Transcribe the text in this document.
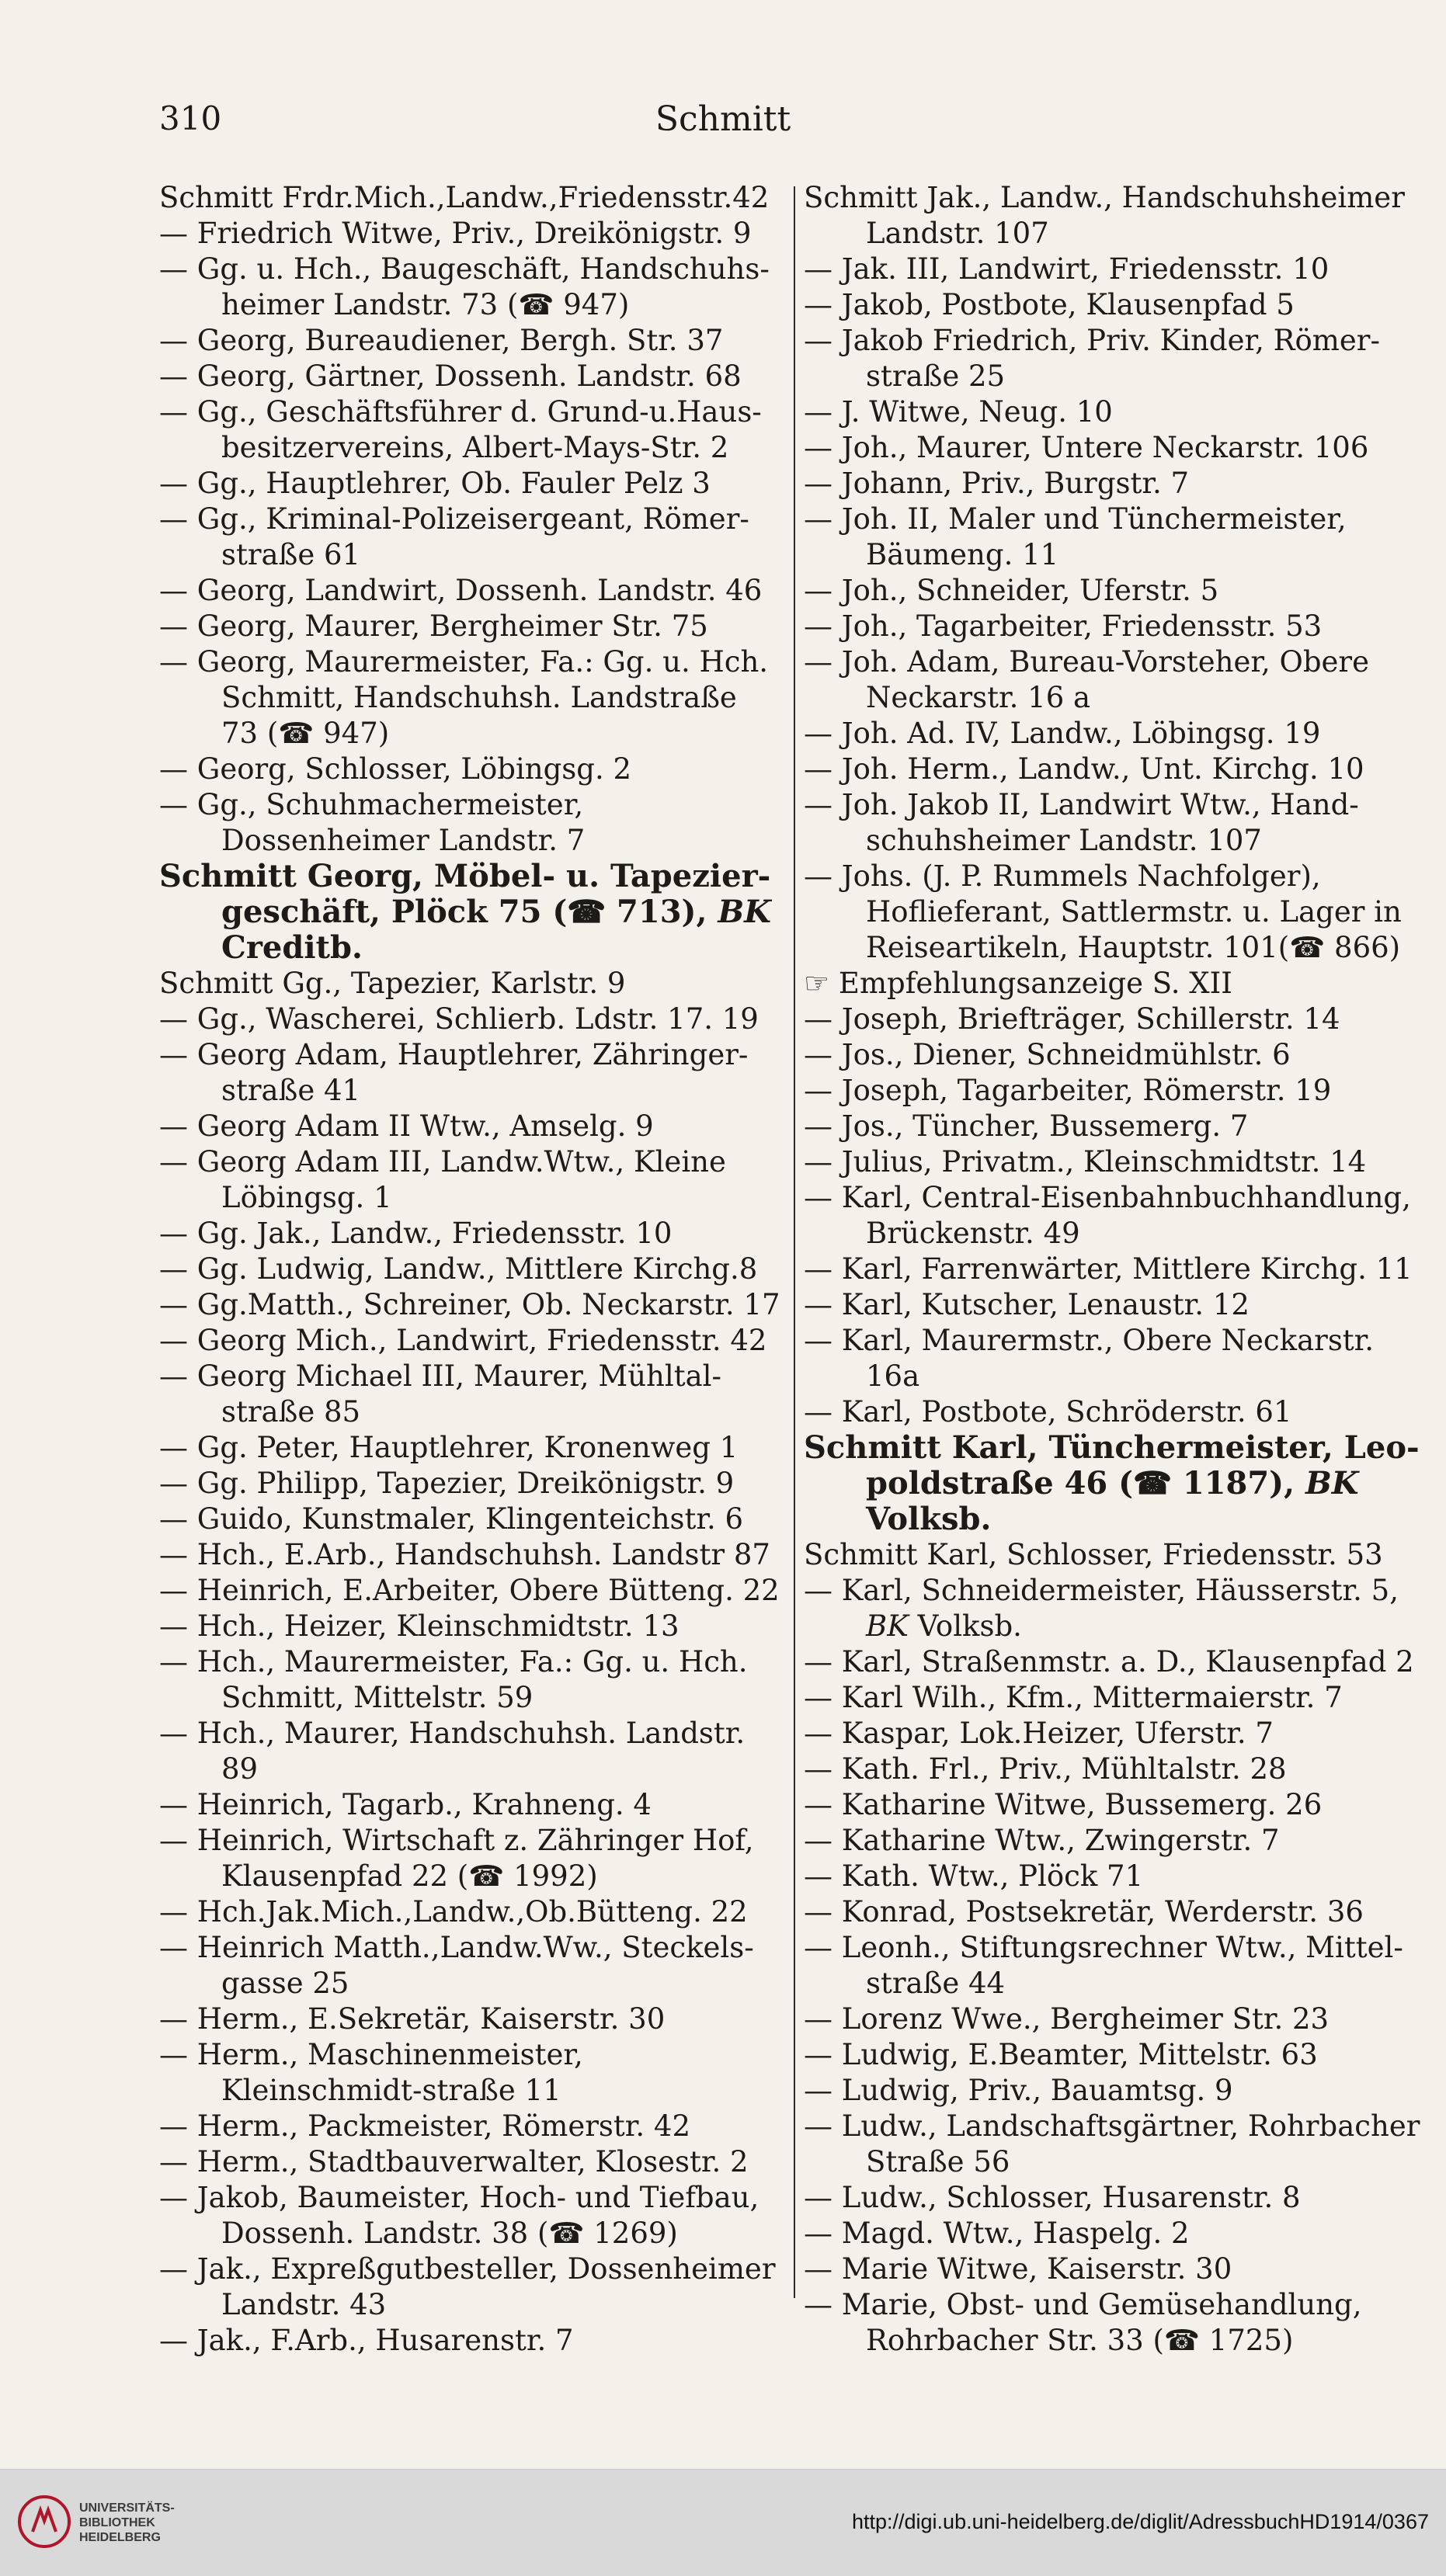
310	Schmitt
Schmitt Frdr.Mich.,Landw.,Friedensstr.42
— Friedrich Witwe, Priv., Dreikönigstr. 9
— Gg. u. Hch., Baugeschäft, Handschuhs-heimer Landstr. 73 (☎ 947)
— Georg, Bureaudiener, Bergh. Str. 37
— Georg, Gärtner, Dossenh. Landstr. 68
— Gg., Geschäftsführer d. Grund-u.Haus-besitzervereins, Albert-Mays-Str. 2
— Gg., Hauptlehrer, Ob. Fauler Pelz 3
— Gg., Kriminal-Polizeisergeant, Römer-straße 61
— Georg, Landwirt, Dossenh. Landstr. 46
— Georg, Maurer, Bergheimer Str. 75
— Georg, Maurermeister, Fa.: Gg. u. Hch. Schmitt, Handschuhsh. Landstraße 73 (☎ 947)
— Georg, Schlosser, Löbingsg. 2
— Gg., Schuhmachermeister, Dossenheimer Landstr. 7
Schmitt Georg, Möbel- u. Tapezier-geschäft, Plöck 75 (☎ 713), BK Creditb.
Schmitt Gg., Tapezier, Karlstr. 9
— Gg., Wascherei, Schlierb. Ldstr. 17. 19
— Georg Adam, Hauptlehrer, Zähringer-straße 41
— Georg Adam II Wtw., Amselg. 9
— Georg Adam III, Landw.Wtw., Kleine Löbingsg. 1
— Gg. Jak., Landw., Friedensstr. 10
— Gg. Ludwig, Landw., Mittlere Kirchg.8
— Gg.Matth., Schreiner, Ob. Neckarstr. 17
— Georg Mich., Landwirt, Friedensstr. 42
— Georg Michael III, Maurer, Mühltal-straße 85
— Gg. Peter, Hauptlehrer, Kronenweg 1
— Gg. Philipp, Tapezier, Dreikönigstr. 9
— Guido, Kunstmaler, Klingenteichstr. 6
— Hch., E.Arb., Handschuhsh. Landstr 87
— Heinrich, E.Arbeiter, Obere Bütteng. 22
— Hch., Heizer, Kleinschmidtstr. 13
— Hch., Maurermeister, Fa.: Gg. u. Hch. Schmitt, Mittelstr. 59
— Hch., Maurer, Handschuhsh. Landstr. 89
— Heinrich, Tagarb., Krahneng. 4
— Heinrich, Wirtschaft z. Zähringer Hof, Klausenpfad 22 (☎ 1992)
— Hch.Jak.Mich.,Landw.,Ob.Bütteng. 22
— Heinrich Matth.,Landw.Ww., Steckels-gasse 25
— Herm., E.Sekretär, Kaiserstr. 30
— Herm., Maschinenmeister, Kleinschmidt-straße 11
— Herm., Packmeister, Römerstr. 42
— Herm., Stadtbauverwalter, Klosestr. 2
— Jakob, Baumeister, Hoch- und Tiefbau, Dossenh. Landstr. 38 (☎ 1269)
— Jak., Expreßgutbesteller, Dossenheimer Landstr. 43
— Jak., F.Arb., Husarenstr. 7
Schmitt Jak., Landw., Handschuhsheimer Landstr. 107
— Jak. III, Landwirt, Friedensstr. 10
— Jakob, Postbote, Klausenpfad 5
— Jakob Friedrich, Priv. Kinder, Römer-straße 25
— J. Witwe, Neug. 10
— Joh., Maurer, Untere Neckarstr. 106
— Johann, Priv., Burgstr. 7
— Joh. II, Maler und Tünchermeister, Bäumeng. 11
— Joh., Schneider, Uferstr. 5
— Joh., Tagarbeiter, Friedensstr. 53
— Joh. Adam, Bureau-Vorsteher, Obere Neckarstr. 16 a
— Joh. Ad. IV, Landw., Löbingsg. 19
— Joh. Herm., Landw., Unt. Kirchg. 10
— Joh. Jakob II, Landwirt Wtw., Hand-schuhsheimer Landstr. 107
— Johs. (J. P. Rummels Nachfolger), Hoflieferant, Sattlermstr. u. Lager in Reiseartikeln, Hauptstr. 101(☎ 866)
☞ Empfehlungsanzeige S. XII
— Joseph, Briefträger, Schillerstr. 14
— Jos., Diener, Schneidmühlstr. 6
— Joseph, Tagarbeiter, Römerstr. 19
— Jos., Tüncher, Bussemerg. 7
— Julius, Privatm., Kleinschmidtstr. 14
— Karl, Central-Eisenbahnbuchhandlung, Brückenstr. 49
— Karl, Farrenwärter, Mittlere Kirchg. 11
— Karl, Kutscher, Lenaustr. 12
— Karl, Maurermstr., Obere Neckarstr. 16a
— Karl, Postbote, Schröderstr. 61
Schmitt Karl, Tünchermeister, Leo-poldstraße 46 (☎ 1187), BK Volksb.
Schmitt Karl, Schlosser, Friedensstr. 53
— Karl, Schneidermeister, Häusserstr. 5, BK Volksb.
— Karl, Straßenmstr. a. D., Klausenpfad 2
— Karl Wilh., Kfm., Mittermaierstr. 7
— Kaspar, Lok.Heizer, Uferstr. 7
— Kath. Frl., Priv., Mühltalstr. 28
— Katharine Witwe, Bussemerg. 26
— Katharine Wtw., Zwingerstr. 7
— Kath. Wtw., Plöck 71
— Konrad, Postsekretär, Werderstr. 36
— Leonh., Stiftungsrechner Wtw., Mittel-straße 44
— Lorenz Wwe., Bergheimer Str. 23
— Ludwig, E.Beamter, Mittelstr. 63
— Ludwig, Priv., Bauamtsg. 9
— Ludw., Landschaftsgärtner, Rohrbacher Straße 56
— Ludw., Schlosser, Husarenstr. 8
— Magd. Wtw., Haspelg. 2
— Marie Witwe, Kaiserstr. 30
— Marie, Obst- und Gemüsehandlung, Rohrbacher Str. 33 (☎ 1725)
UNIVERSITÄTS-
BIBLIOTHEK
HEIDELBERG
http://digi.ub.uni-heidelberg.de/diglit/AdressbuchHD1914/0367
